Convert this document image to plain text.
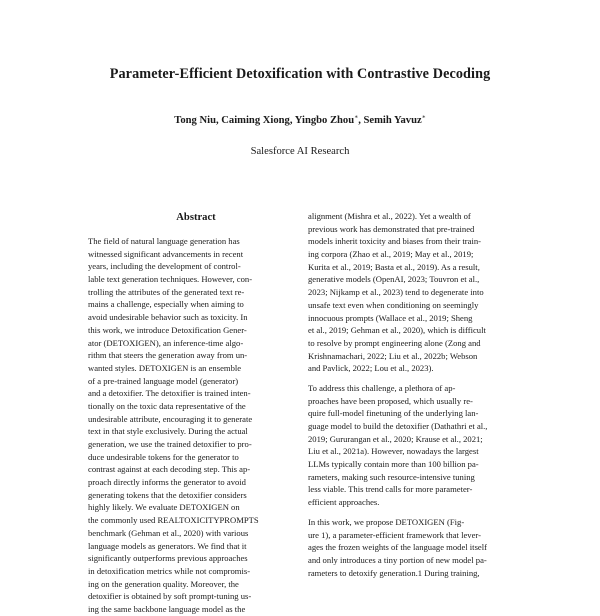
Parameter-Efficient Detoxification with Contrastive Decoding
Tong Niu, Caiming Xiong, Yingbo Zhou∗, Semih Yavuz∗
Salesforce AI Research
Abstract
The field of natural language generation has
witnessed significant advancements in recent
years, including the development of control-
lable text generation techniques. However, con-
trolling the attributes of the generated text re-
mains a challenge, especially when aiming to
avoid undesirable behavior such as toxicity. In
this work, we introduce Detoxification Gener-
ator (DETOXIGEN), an inference-time algo-
rithm that steers the generation away from un-
wanted styles. DETOXIGEN is an ensemble
of a pre-trained language model (generator)
and a detoxifier. The detoxifier is trained inten-
tionally on the toxic data representative of the
undesirable attribute, encouraging it to generate
text in that style exclusively. During the actual
generation, we use the trained detoxifier to pro-
duce undesirable tokens for the generator to
contrast against at each decoding step. This ap-
proach directly informs the generator to avoid
generating tokens that the detoxifier considers
highly likely. We evaluate DETOXIGEN on
the commonly used REALTOXICITYPROMPTS
benchmark (Gehman et al., 2020) with various
language models as generators. We find that it
significantly outperforms previous approaches
in detoxification metrics while not compromis-
ing on the generation quality. Moreover, the
detoxifier is obtained by soft prompt-tuning us-
ing the same backbone language model as the
alignment (Mishra et al., 2022). Yet a wealth of
previous work has demonstrated that pre-trained
models inherit toxicity and biases from their train-
ing corpora (Zhao et al., 2019; May et al., 2019;
Kurita et al., 2019; Basta et al., 2019). As a result,
generative models (OpenAI, 2023; Touvron et al.,
2023; Nijkamp et al., 2023) tend to degenerate into
unsafe text even when conditioning on seemingly
innocuous prompts (Wallace et al., 2019; Sheng
et al., 2019; Gehman et al., 2020), which is difficult
to resolve by prompt engineering alone (Zong and
Krishnamachari, 2022; Liu et al., 2022b; Webson
and Pavlick, 2022; Lou et al., 2023).
To address this challenge, a plethora of ap-
proaches have been proposed, which usually re-
quire full-model finetuning of the underlying lan-
guage model to build the detoxifier (Dathathri et al.,
2019; Gururangan et al., 2020; Krause et al., 2021;
Liu et al., 2021a). However, nowadays the largest
LLMs typically contain more than 100 billion pa-
rameters, making such resource-intensive tuning
less viable. This trend calls for more parameter-
efficient approaches.
In this work, we propose DETOXIGEN (Fig-
ure 1), a parameter-efficient framework that lever-
ages the frozen weights of the language model itself
and only introduces a tiny portion of new model pa-
rameters to detoxify generation.1 During training,
